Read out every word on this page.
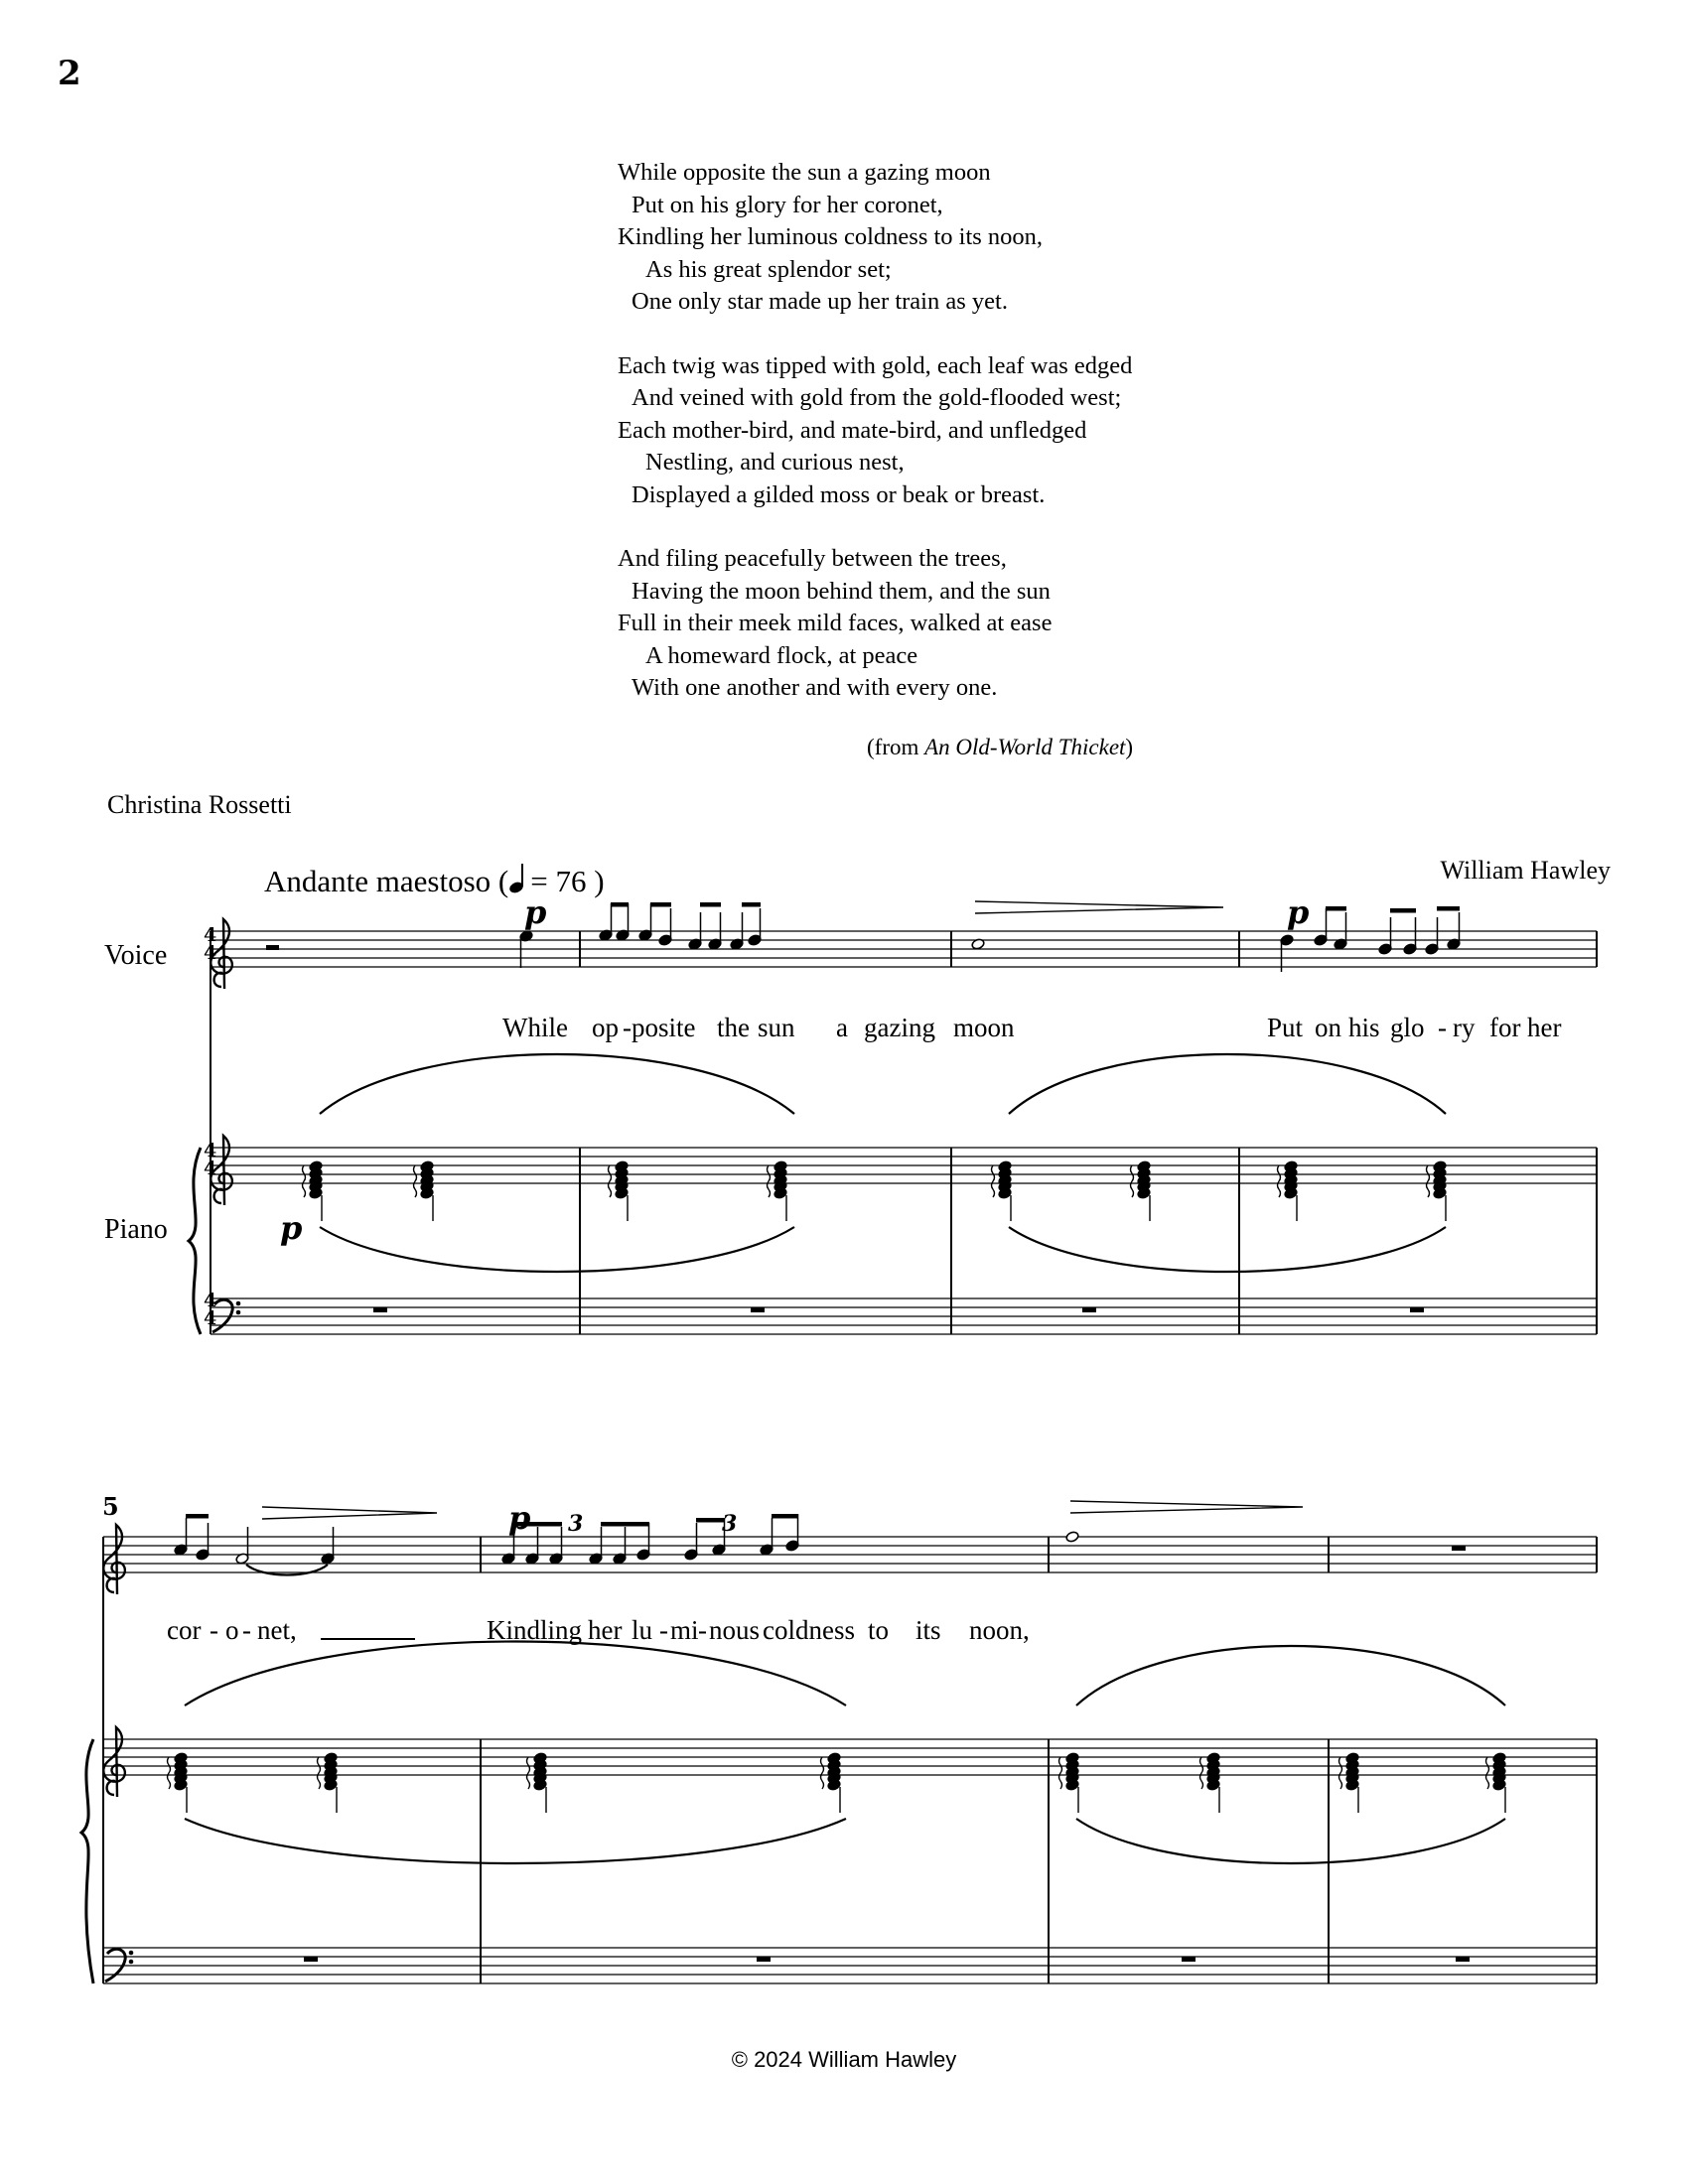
2
While opposite the sun a gazing moon
Put on his glory for her coronet,
Kindling her luminous coldness to its noon,
As his great splendor set;
One only star made up her train as yet.
Each twig was tipped with gold, each leaf was edged
And veined with gold from the gold-flooded west;
Each mother-bird, and mate-bird, and unfledged
Nestling, and curious nest,
Displayed a gilded moss or beak or breast.
And filing peacefully between the trees,
Having the moon behind them, and the sun
Full in their meek mild faces, walked at ease
A homeward flock, at peace
With one another and with every one.
(from An Old-World Thicket)
Christina Rossetti
William Hawley
Andante maestoso ( = 76 )
Voice
Piano
4
4
4
4
4
4
p	p
p
p 3	3
5
While op - posite the sun a gazing moon	Put on his glo - ry for her
cor - o - net,	Kindling her lu - mi - nous coldness to its noon,
© 2024 William Hawley
